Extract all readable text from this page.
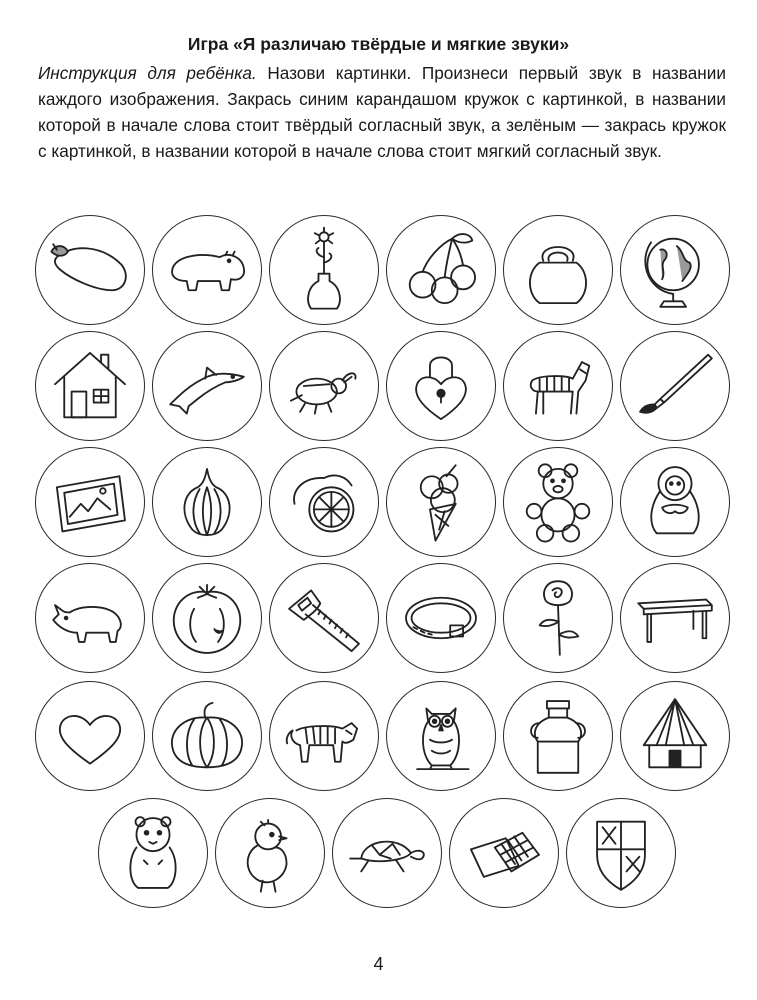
Игра «Я различаю твёрдые и мягкие звуки»
Инструкция для ребёнка. Назови картинки. Произнеси первый звук в названии каждого изображения. Закрась синим карандашом кружок с картинкой, в названии которой в начале слова стоит твёрдый согласный звук, а зелёным — закрась кружок с картинкой, в названии которой в начале слова стоит мягкий согласный звук.
4
